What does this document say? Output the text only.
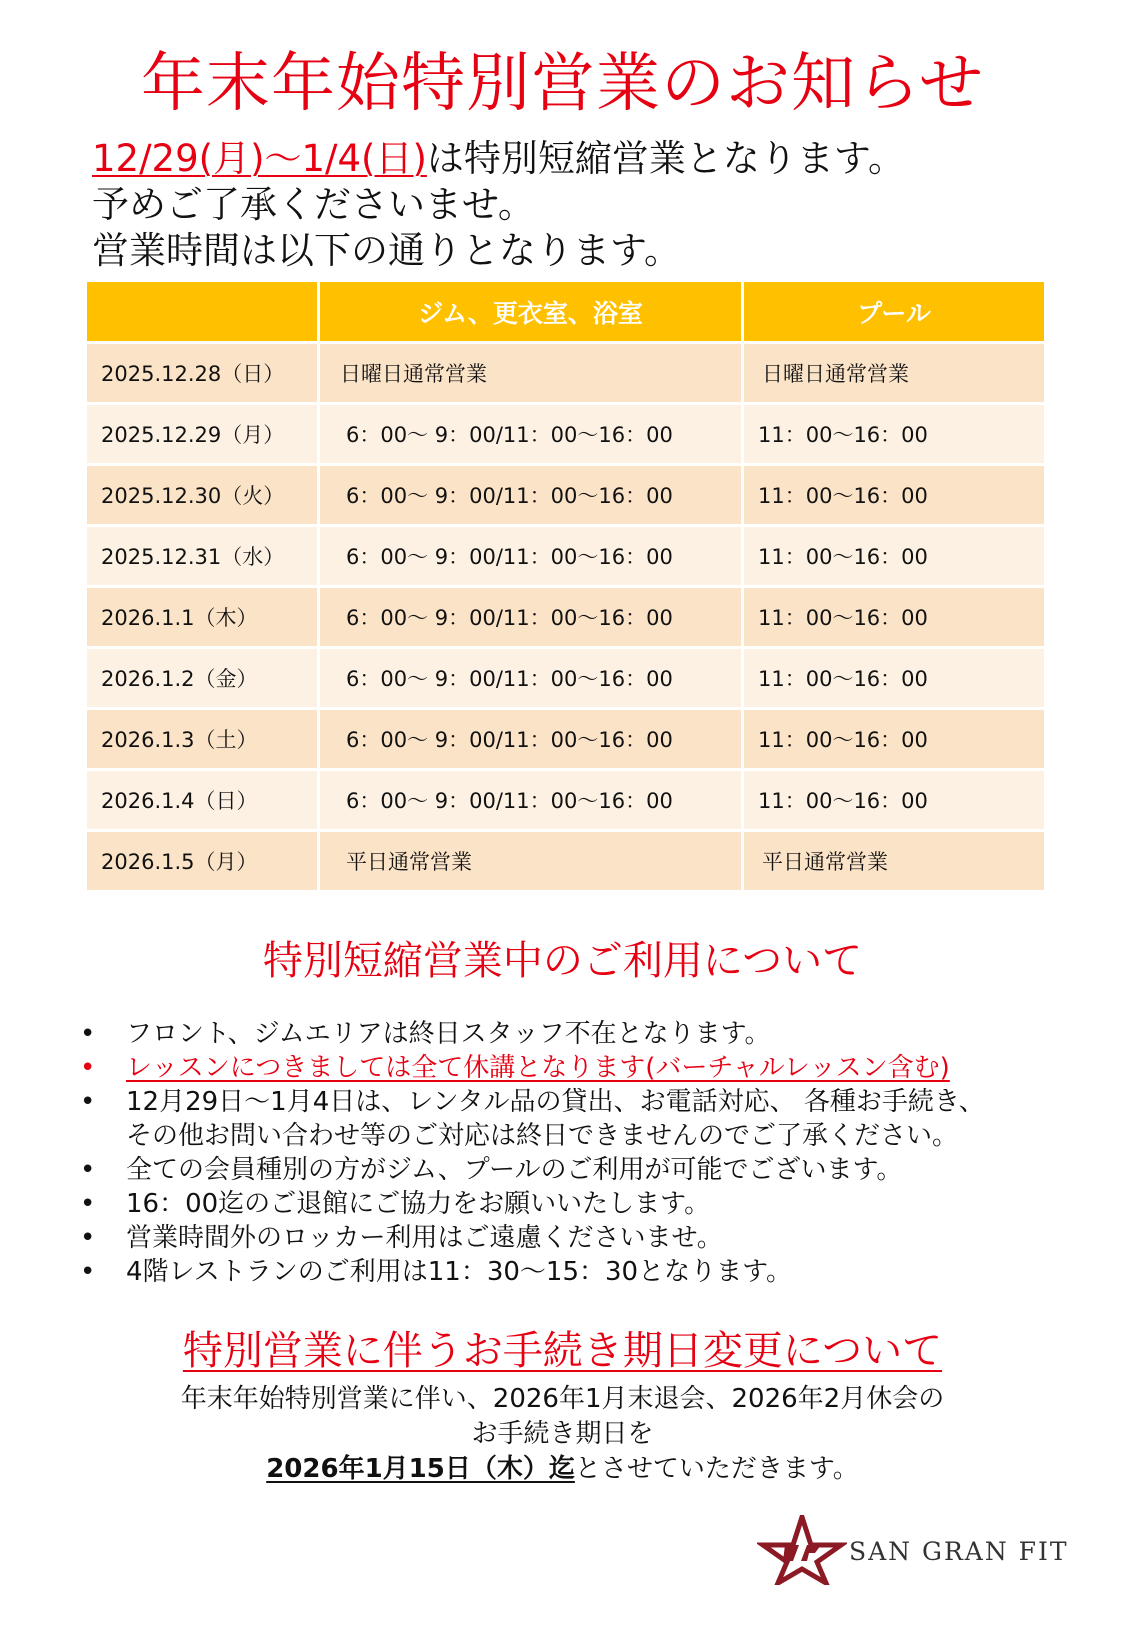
年末年始特別営業のお知らせ
12/29(月)～1/4(日)は特別短縮営業となります。
予めご了承くださいませ。
営業時間は以下の通りとなります。
	ジム、更衣室、浴室	プール
2025.12.28（日）	日曜日通常営業	日曜日通常営業
2025.12.29（月）	6：00～ 9：00/11：00～16：00	11：00～16：00
2025.12.30（火）	6：00～ 9：00/11：00～16：00	11：00～16：00
2025.12.31（水）	6：00～ 9：00/11：00～16：00	11：00～16：00
2026.1.1（木）	6：00～ 9：00/11：00～16：00	11：00～16：00
2026.1.2（金）	6：00～ 9：00/11：00～16：00	11：00～16：00
2026.1.3（土）	6：00～ 9：00/11：00～16：00	11：00～16：00
2026.1.4（日）	6：00～ 9：00/11：00～16：00	11：00～16：00
2026.1.5（月）	平日通常営業	平日通常営業
特別短縮営業中のご利用について
• フロント、ジムエリアは終日スタッフ不在となります。
• レッスンにつきましては全て休講となります(バーチャルレッスン含む)
• 12月29日～1月4日は、レンタル品の貸出、お電話対応、 各種お手続き、
その他お問い合わせ等のご対応は終日できませんのでご了承ください。
• 全ての会員種別の方がジム、プールのご利用が可能でございます。
• 16：00迄のご退館にご協力をお願いいたします。
• 営業時間外のロッカー利用はご遠慮くださいませ。
• 4階レストランのご利用は11：30～15：30となります。
特別営業に伴うお手続き期日変更について
年末年始特別営業に伴い、2026年1月末退会、2026年2月休会の
お手続き期日を
2026年1月15日（木）迄とさせていただきます。
SAN GRAN FIT
